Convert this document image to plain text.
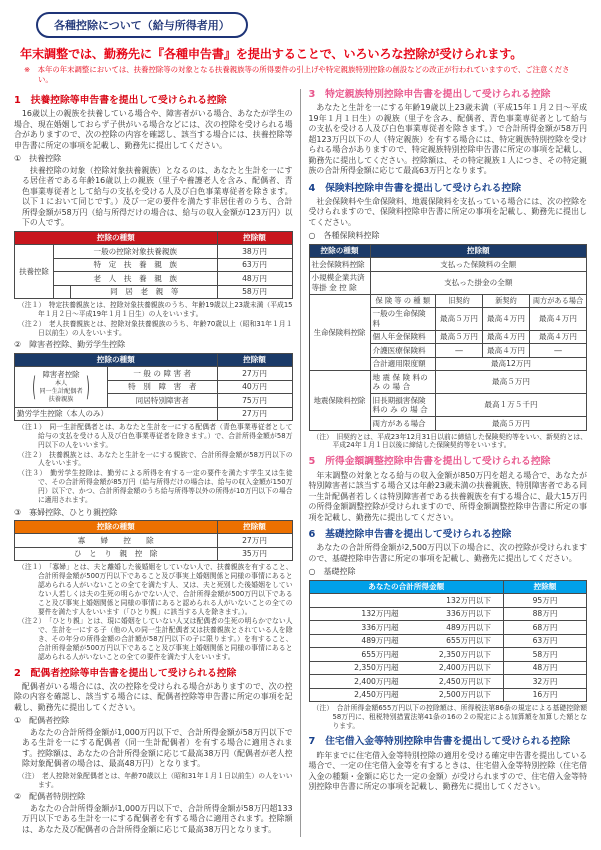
各種控除について（給与所得者用）
年末調整では、勤務先に『各種申告書』を提出することで、いろいろな控除が受けられます。
※　本年の年末調整においては、扶養控除等の対象となる扶養親族等の所得要件の引上げや特定親族特別控除の創設などの改正が行われていますので、ご注意ください。
1　扶養控除等申告書を提出して受けられる控除

16歳以上の親族を扶養している場合や、障害者がいる場合、あなたが学生の場合、現在婚姻しておらず子供がいる場合などには、次の控除を受けられる場合がありますので、次の控除の内容を確認し、該当する場合には、扶養控除等申告書に所定の事項を記載し、勤務先に提出してください。

①　扶養控除

扶養控除の対象（控除対象扶養親族）となるのは、あなたと生計を一にする居住者である年齢16歳以上の親族（里子や養護老人を含み、配偶者、青色事業専従者として給与の支払を受ける人及び白色事業専従者を除きます。以下１において同じです。）及び一定の要件を満たす非居住者のうち、合計所得金額が58万円（給与所得だけの場合は、給与の収入金額が123万円）以下の人です。

控除の種類		控除額
扶養控除	一般の控除対象扶養親族	38万円
	特　定　扶　養　親　族	63万円
	老　人　扶　養　親　族	48万円
	同　居　老　親　等	58万円

（注１）　特定扶養親族とは、控除対象扶養親族のうち、年齢19歳以上23歳未満（平成15年１月２日～平成19年１月１日生）の人をいいます。

（注２）　老人扶養親族とは、控除対象扶養親族のうち、年齢70歳以上（昭和31年１月１日以前生）の人をいいます。

②　障害者控除、勤労学生控除
控除の種類		控除額
障害者控除
( 本人
同一生計配偶者
扶養親族
)	一 般 の 障 害 者	27万円
	特　別　障　害　者	40万円
	同居特別障害者	75万円
勤労学生控除（本人のみ）		27万円

（注１）　同一生計配偶者とは、あなたと生計を一にする配偶者（青色事業専従者として給与の支払を受ける人及び白色事業専従者を除きます。）で、合計所得金額が58万円以下の人をいいます。

（注２）　扶養親族とは、あなたと生計を一にする親族で、合計所得金額が58万円以下の人をいいます。

（注３）　勤労学生控除は、勤労による所得を有する一定の要件を満たす学生又は生徒で、その合計所得金額が85万円（給与所得だけの場合は、給与の収入金額が150万円）以下で、かつ、合計所得金額のうち給与所得等以外の所得が10万円以下の場合に適用されます。

③　寡婦控除、ひとり親控除
控除の種類	控除額
寡　　婦　　控　　除	27万円
ひ　と　り　親　控　除	35万円

（注１）　「寡婦」とは、夫と離婚した後婚姻をしていない人で、扶養親族を有すること、合計所得金額が500万円以下であること及び事実上婚姻関係と同様の事情にあると認められる人がいないことの全てを満たす人、又は、夫と死別した後婚姻をしていない人若しくは夫の生死の明らかでない人で、合計所得金額が500万円以下であること及び事実上婚姻関係と同様の事情にあると認められる人がいないことの全ての要件を満たす人をいいます（「ひとり親」に該当する人を除きます。）。

（注２）　「ひとり親」とは、現に婚姻をしていない人又は配偶者の生死の明らかでない人で、生計を一にする子（他の人の同一生計配偶者又は扶養親族とされている人を除き、その年分の所得金額の合計額が58万円以下の子に限ります。）を有すること、合計所得金額が500万円以下であること及び事実上婚姻関係と同様の事情にあると認められる人がいないことの全ての要件を満たす人をいいます。

2　配偶者控除等申告書を提出して受けられる控除

配偶者がいる場合には、次の控除を受けられる場合がありますので、次の控除の内容を確認し、該当する場合には、配偶者控除等申告書に所定の事項を記載し、勤務先に提出してください。

①　配偶者控除

あなたの合計所得金額が1,000万円以下で、合計所得金額が58万円以下である生計を一にする配偶者（同一生計配偶者）を有する場合に適用されます。控除額は、あなたの合計所得金額に応じて最高38万円（配偶者が老人控除対象配偶者の場合は、最高48万円）となります。

（注）　老人控除対象配偶者とは、年齢70歳以上（昭和31年１月１日以前生）の人をいいます。

②　配偶者特別控除

あなたの合計所得金額が1,000万円以下で、合計所得金額が58万円超133万円以下である生計を一にする配偶者を有する場合に適用されます。控除額は、あなた及び配偶者の合計所得金額に応じて最高38万円となります。

3　特定親族特別控除申告書を提出して受けられる控除

あなたと生計を一にする年齢19歳以上23歳未満（平成15年１月２日～平成19年１月１日生）の親族（里子を含み、配偶者、青色事業専従者として給与の支払を受ける人及び白色事業専従者を除きます。）で合計所得金額が58万円超123万円以下の人（特定親族）を有する場合には、特定親族特別控除を受けられる場合がありますので、特定親族特別控除申告書に所定の事項を記載し、勤務先に提出してください。控除額は、その特定親族１人につき、その特定親族の合計所得金額に応じて最高63万円となります。

4　保険料控除申告書を提出して受けられる控除

社会保険料や生命保険料、地震保険料を支払っている場合には、次の控除を受けられますので、保険料控除申告書に所定の事項を記載し、勤務先に提出してください。

○　各種保険料控除
控除の種類	控除額			
社会保険料控除	支払った保険料の全額			
小規模企業共済等掛 金 控 除	支払った掛金の全額			
生命保険料控除	保 険 等 の 種 類	旧契約	新契約	両方がある場合
	一般の生命保険料	最高５万円	最高４万円	最高４万円
	個人年金保険料	最高５万円	最高４万円	最高４万円
	介護医療保険料	―	最高４万円	―
	合計適用限度額	最高12万円		
地震保険料控除	地 震 保 険 料の み の 場 合	最高５万円		
	旧長期損害保険料の み の 場 合	最高１万５千円		
	両方がある場合	最高５万円		

（注）　旧契約とは、平成23年12月31日以前に締結した保険契約等をいい、新契約とは、平成24年１月１日以後に締結した保険契約等をいいます。

5　所得金額調整控除申告書を提出して受けられる控除

年末調整の対象となる給与の収入金額が850万円を超える場合で、あなたが特別障害者に該当する場合又は年齢23歳未満の扶養親族、特別障害者である同一生計配偶者若しくは特別障害者である扶養親族を有する場合に、最大15万円の所得金額調整控除が受けられますので、所得金額調整控除申告書に所定の事項を記載し、勤務先に提出してください。

6　基礎控除申告書を提出して受けられる控除

あなたの合計所得金額が2,500万円以下の場合に、次の控除が受けられますので、基礎控除申告書に所定の事項を記載し、勤務先に提出してください。

○　基礎控除
あなたの合計所得金額	控除額

132万円以下	95万円

132万円超 336万円以下	88万円

336万円超 489万円以下	68万円

489万円超 655万円以下	63万円

655万円超 2,350万円以下	58万円

2,350万円超 2,400万円以下	48万円

2,400万円超 2,450万円以下	32万円

2,450万円超 2,500万円以下	16万円

（注）　合計所得金額655万円以下の控除額は、所得税法第86条の規定による基礎控除額58万円に、租税特別措置法第41条の16の２の規定による加算額を加算した額となります。

7　住宅借入金等特別控除申告書を提出して受けられる控除

昨年までに住宅借入金等特別控除の適用を受ける確定申告書を提出している場合で、一定の住宅借入金等を有するときは、住宅借入金等特別控除（住宅借入金の種類・金額に応じた一定の金額）が受けられますので、住宅借入金等特別控除申告書に所定の事項を記載し、勤務先に提出してください。
